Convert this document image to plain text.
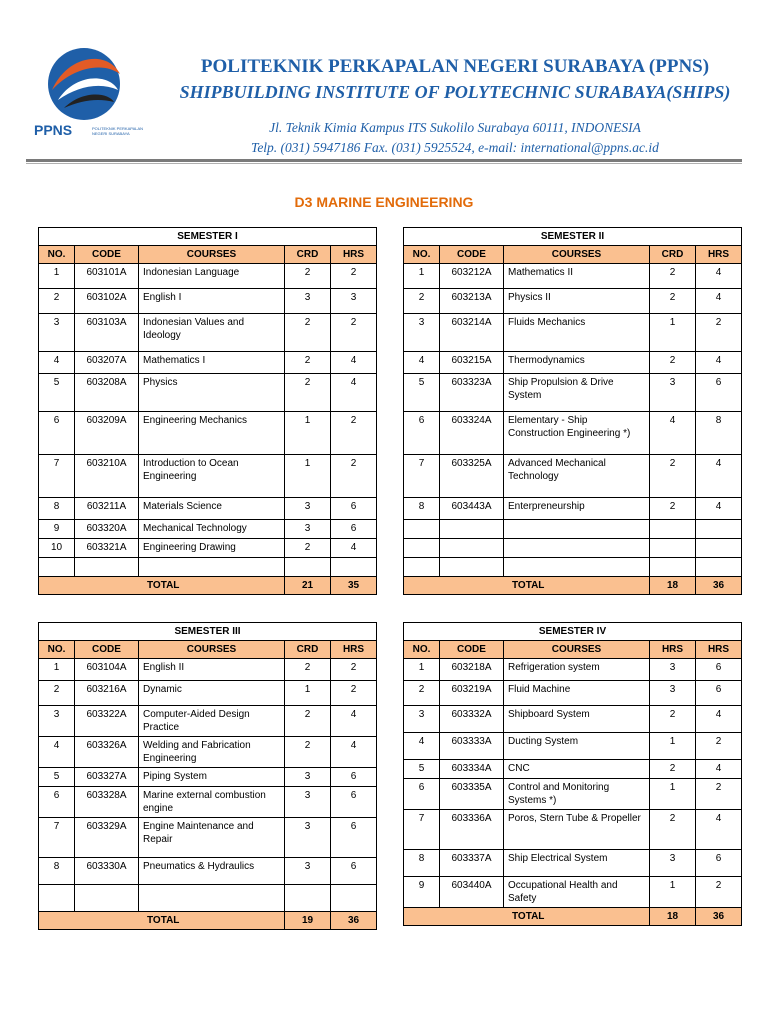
PPNS	POLITEKNIK PERKAPALAN NEGERI SURABAYA
POLITEKNIK PERKAPALAN NEGERI SURABAYA (PPNS)
SHIPBUILDING INSTITUTE OF POLYTECHNIC SURABAYA(SHIPS)
Jl. Teknik Kimia Kampus ITS Sukolilo Surabaya 60111, INDONESIA
Telp. (031) 5947186 Fax. (031) 5925524, e-mail: international@ppns.ac.id
D3 MARINE ENGINEERING
SEMESTER I				
NO.	CODE	COURSES	CRD	HRS
1	603101A	Indonesian Language	2	2
2	603102A	English I	3	3
3	603103A	Indonesian Values and Ideology	2	2
4	603207A	Mathematics I	2	4
5	603208A	Physics	2	4
6	603209A	Engineering Mechanics	1	2
7	603210A	Introduction to Ocean Engineering	1	2
8	603211A	Materials Science	3	6
9	603320A	Mechanical Technology	3	6
10	603321A	Engineering Drawing	2	4

TOTAL			21	35
SEMESTER II				
NO.	CODE	COURSES	CRD	HRS
1	603212A	Mathematics II	2	4
2	603213A	Physics II	2	4
3	603214A	Fluids Mechanics	1	2
4	603215A	Thermodynamics	2	4
5	603323A	Ship Propulsion & Drive System	3	6
6	603324A	Elementary - Ship Construction Engineering *)	4	8
7	603325A	Advanced Mechanical Technology	2	4
8	603443A	Enterpreneurship	2	4

TOTAL			18	36
SEMESTER III				
NO.	CODE	COURSES	CRD	HRS
1	603104A	English II	2	2
2	603216A	Dynamic	1	2
3	603322A	Computer-Aided Design Practice	2	4
4	603326A	Welding and Fabrication Engineering	2	4
5	603327A	Piping System	3	6
6	603328A	Marine external combustion engine	3	6
7	603329A	Engine Maintenance and Repair	3	6
8	603330A	Pneumatics & Hydraulics	3	6

TOTAL			19	36
SEMESTER IV				
NO.	CODE	COURSES	HRS	HRS
1	603218A	Refrigeration system	3	6
2	603219A	Fluid Machine	3	6
3	603332A	Shipboard System	2	4
4	603333A	Ducting System	1	2
5	603334A	CNC	2	4
6	603335A	Control and Monitoring Systems *)	1	2
7	603336A	Poros, Stern Tube & Propeller	2	4
8	603337A	Ship Electrical System	3	6
9	603440A	Occupational Health and Safety	1	2
TOTAL			18	36
